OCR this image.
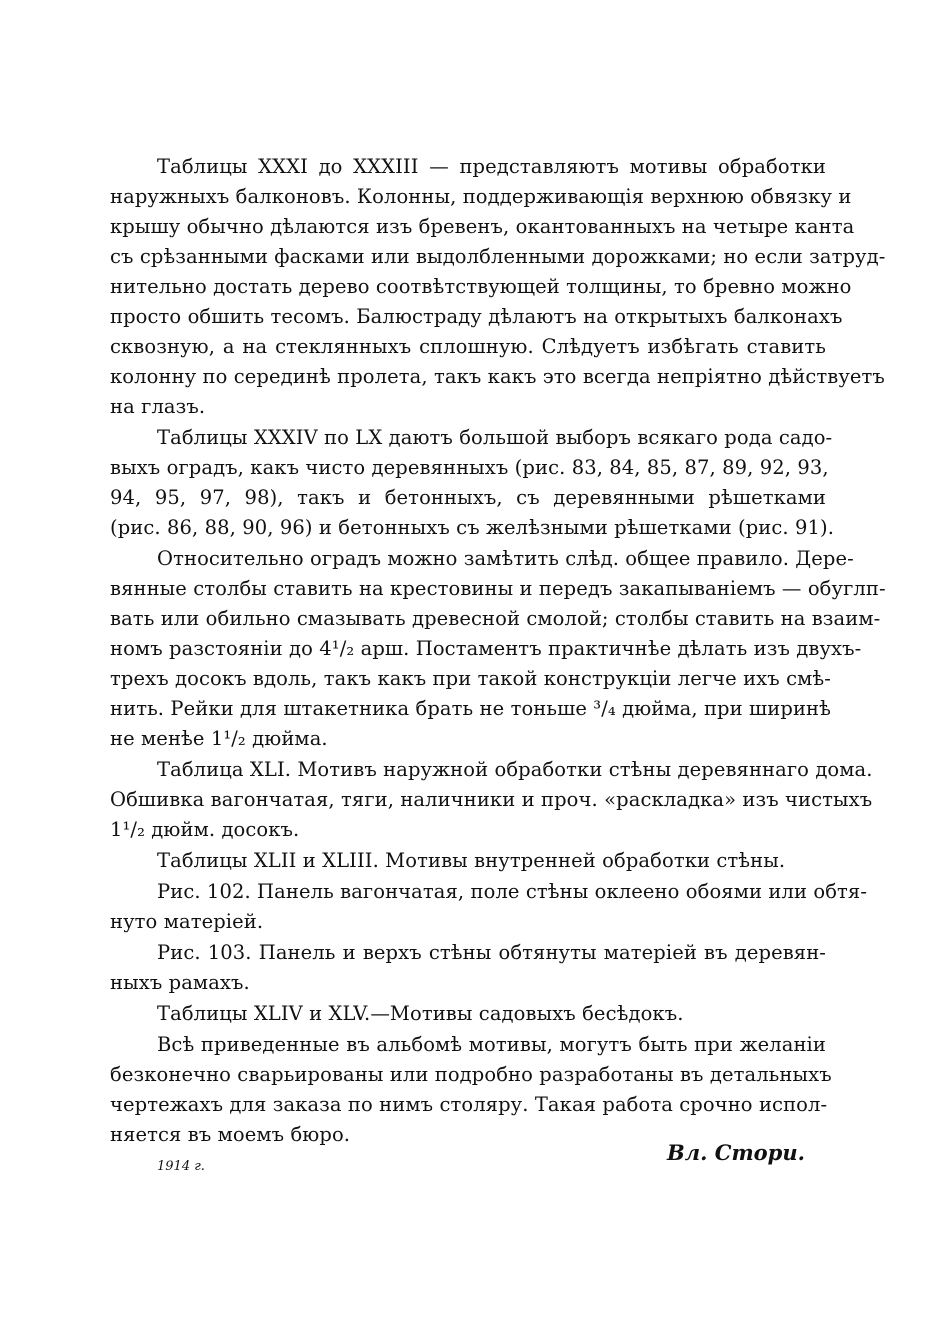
Таблицы XXXI до XXXIII — представляютъ мотивы обработки
наружныхъ балконовъ. Колонны, поддерживающія верхнюю обвязку и
крышу обычно дѣлаются изъ бревенъ, окантованныхъ на четыре канта
съ срѣзанными фасками или выдолбленными дорожками; но если затруд-
нительно достать дерево соотвѣтствующей толщины, то бревно можно
просто обшить тесомъ. Балюстраду дѣлаютъ на открытыхъ балконахъ
сквозную, а на стеклянныхъ сплошную. Слѣдуетъ избѣгать ставить
колонну по серединѣ пролета, такъ какъ это всегда непріятно дѣйствуетъ
на глазъ.
Таблицы XXXIV по LX даютъ большой выборъ всякаго рода садо-
выхъ оградъ, какъ чисто деревянныхъ (рис. 83, 84, 85, 87, 89, 92, 93,
94, 95, 97, 98), такъ и бетонныхъ, съ деревянными рѣшетками
(рис. 86, 88, 90, 96) и бетонныхъ съ желѣзными рѣшетками (рис. 91).
Относительно оградъ можно замѣтить слѣд. общее правило. Дере-
вянные столбы ставить на крестовины и передъ закапываніемъ — обуглп-
вать или обильно смазывать древесной смолой; столбы ставить на взаим-
номъ разстояніи до 4¹/₂ арш. Постаментъ практичнѣе дѣлать изъ двухъ-
трехъ досокъ вдоль, такъ какъ при такой конструкціи легче ихъ смѣ-
нить. Рейки для штакетника брать не тоньше ³/₄ дюйма, при ширинѣ
не менѣе 1¹/₂ дюйма.
Таблица XLI. Мотивъ наружной обработки стѣны деревяннаго дома.
Обшивка вагончатая, тяги, наличники и проч. «раскладка» изъ чистыхъ
1¹/₂ дюйм. досокъ.
Таблицы XLII и XLIII. Мотивы внутренней обработки стѣны.
Рис. 102. Панель вагончатая, поле стѣны оклеено обоями или обтя-
нуто матеріей.
Рис. 103. Панель и верхъ стѣны обтянуты матеріей въ деревян-
ныхъ рамахъ.
Таблицы XLIV и XLV.—Мотивы садовыхъ бесѣдокъ.
Всѣ приведенные въ альбомѣ мотивы, могутъ быть при желаніи
безконечно сварьированы или подробно разработаны въ детальныхъ
чертежахъ для заказа по нимъ столяру. Такая работа срочно испол-
няется въ моемъ бюро.
Вл. Стори.
1914 г.
